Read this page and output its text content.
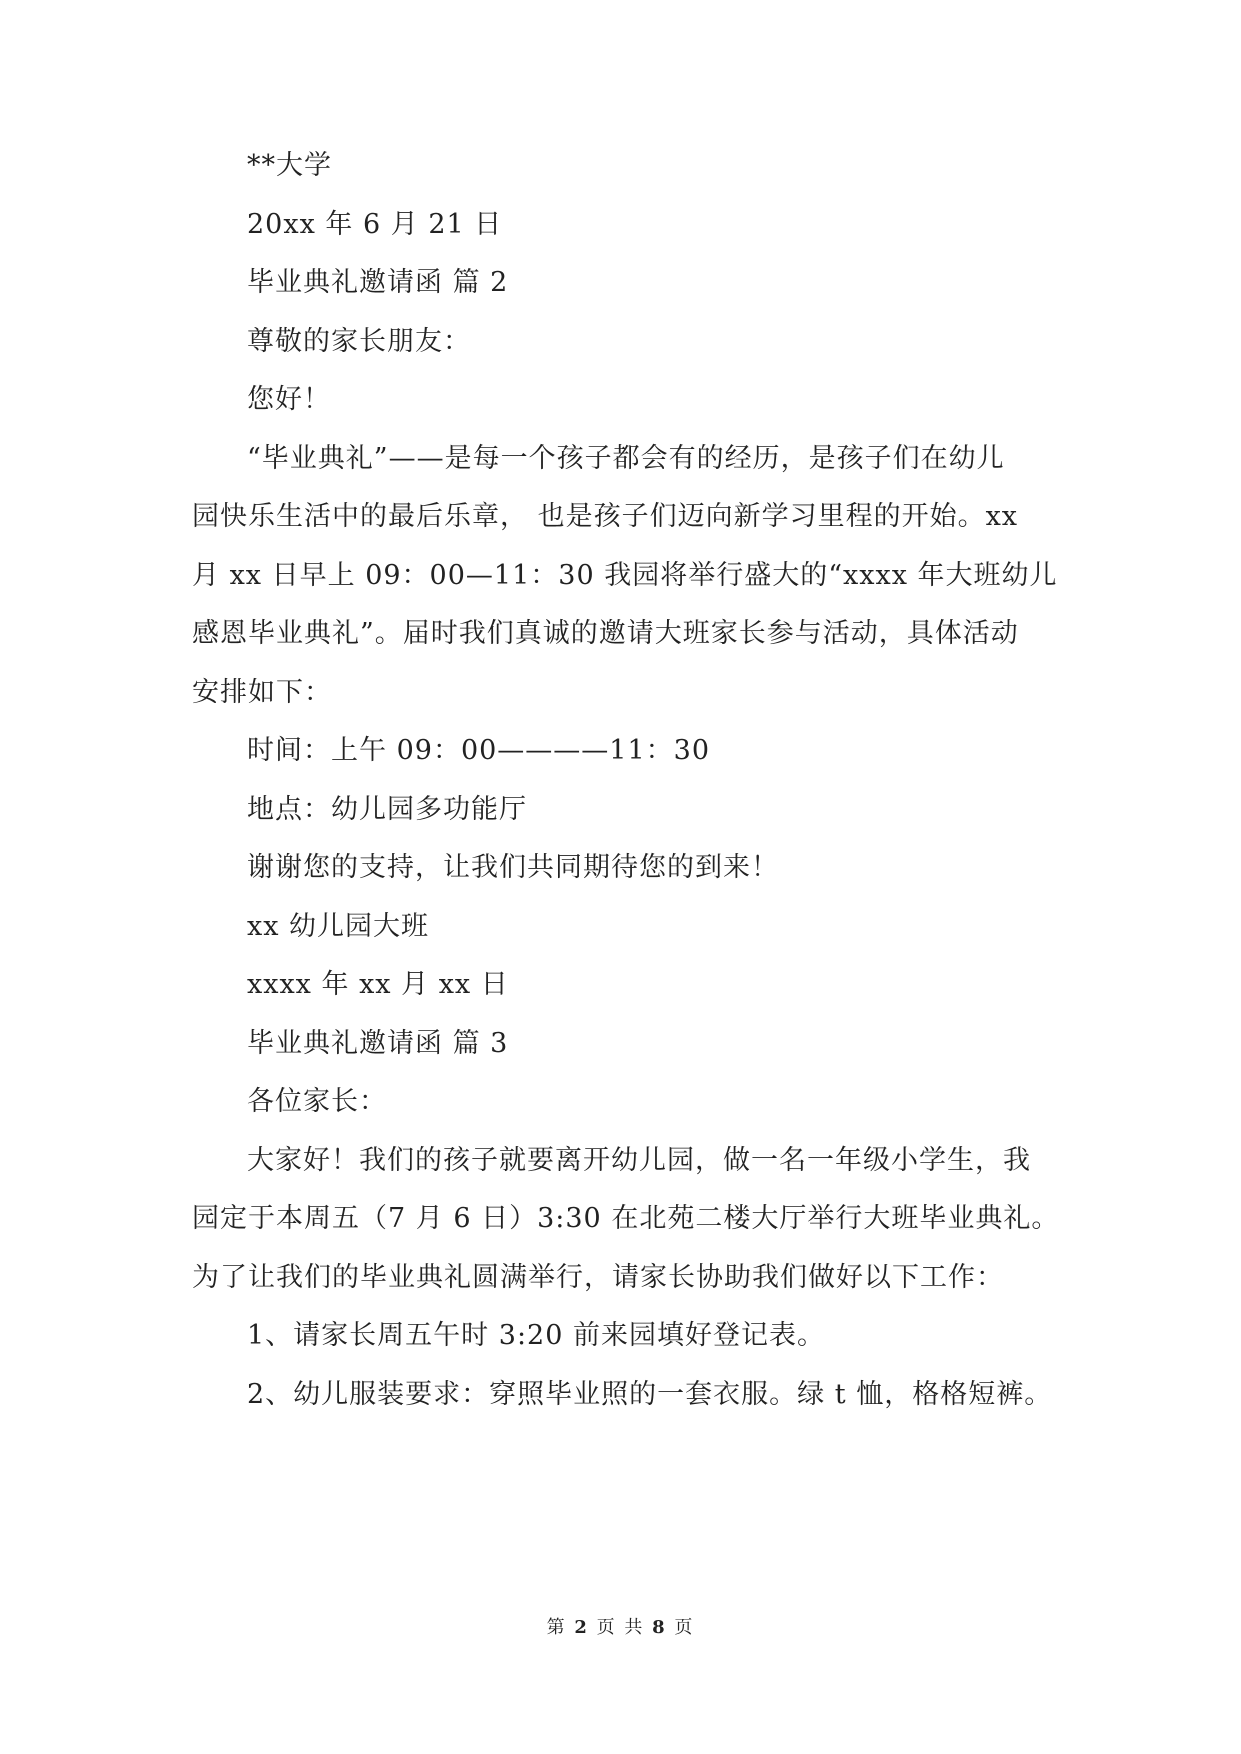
**大学
20xx 年 6 月 21 日
毕业典礼邀请函 篇 2
尊敬的家长朋友：
您好！
“毕业典礼”——是每一个孩子都会有的经历，是孩子们在幼儿
园快乐生活中的最后乐章， 也是孩子们迈向新学习里程的开始。xx
月 xx 日早上 09：00—11：30 我园将举行盛大的“xxxx 年大班幼儿
感恩毕业典礼”。届时我们真诚的邀请大班家长参与活动，具体活动
安排如下：
时间：上午 09：00————11：30
地点：幼儿园多功能厅
谢谢您的支持，让我们共同期待您的到来！
xx 幼儿园大班
xxxx 年 xx 月 xx 日
毕业典礼邀请函 篇 3
各位家长：
大家好！我们的孩子就要离开幼儿园，做一名一年级小学生，我
园定于本周五（7 月 6 日）3:30 在北苑二楼大厅举行大班毕业典礼。
为了让我们的毕业典礼圆满举行，请家长协助我们做好以下工作：
1、请家长周五午时 3:20 前来园填好登记表。
2、幼儿服装要求：穿照毕业照的一套衣服。绿 t 恤，格格短裤。
第 2 页 共 8 页
